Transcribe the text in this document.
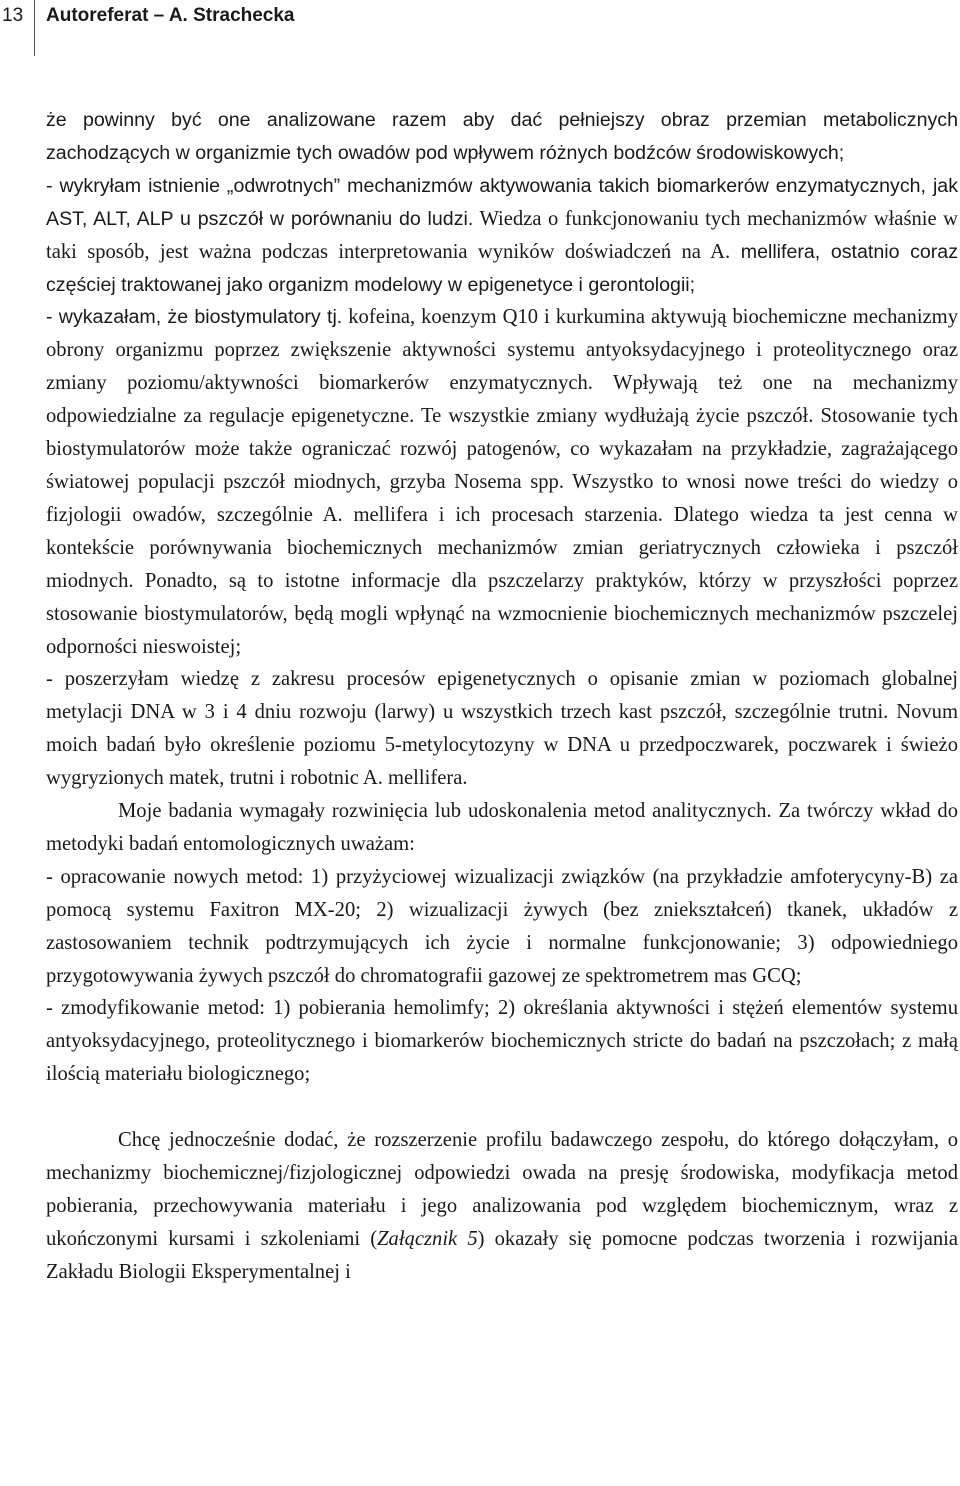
13 Autoreferat – A. Strachecka

że powinny być one analizowane razem aby dać pełniejszy obraz przemian metabolicznych zachodzących w organizmie tych owadów pod wpływem różnych bodźców środowiskowych;

- wykryłam istnienie „odwrotnych” mechanizmów aktywowania takich biomarkerów enzymatycznych, jak AST, ALT, ALP u pszczół w porównaniu do ludzi. Wiedza o funkcjonowaniu tych mechanizmów właśnie w taki sposób, jest ważna podczas interpretowania wyników doświadczeń na A. mellifera, ostatnio coraz częściej traktowanej jako organizm modelowy w epigenetyce i gerontologii;

- wykazałam, że biostymulatory tj. kofeina, koenzym Q10 i kurkumina aktywują biochemiczne mechanizmy obrony organizmu poprzez zwiększenie aktywności systemu antyoksydacyjnego i proteolitycznego oraz zmiany poziomu/aktywności biomarkerów enzymatycznych. Wpływają też one na mechanizmy odpowiedzialne za regulacje epigenetyczne. Te wszystkie zmiany wydłużają życie pszczół. Stosowanie tych biostymulatorów może także ograniczać rozwój patogenów, co wykazałam na przykładzie, zagrażającego światowej populacji pszczół miodnych, grzyba Nosema spp. Wszystko to wnosi nowe treści do wiedzy o fizjologii owadów, szczególnie A. mellifera i ich procesach starzenia. Dlatego wiedza ta jest cenna w kontekście porównywania biochemicznych mechanizmów zmian geriatrycznych człowieka i pszczół miodnych. Ponadto, są to istotne informacje dla pszczelarzy praktyków, którzy w przyszłości poprzez stosowanie biostymulatorów, będą mogli wpłynąć na wzmocnienie biochemicznych mechanizmów pszczelej odporności nieswoistej;

- poszerzyłam wiedzę z zakresu procesów epigenetycznych o opisanie zmian w poziomach globalnej metylacji DNA w 3 i 4 dniu rozwoju (larwy) u wszystkich trzech kast pszczół, szczególnie trutni. Novum moich badań było określenie poziomu 5-metylocytozyny w DNA u przedpoczwarek, poczwarek i świeżo wygryzionych matek, trutni i robotnic A. mellifera.

Moje badania wymagały rozwinięcia lub udoskonalenia metod analitycznych. Za twórczy wkład do metodyki badań entomologicznych uważam:

- opracowanie nowych metod: 1) przyżyciowej wizualizacji związków (na przykładzie amfoterycyny-B) za pomocą systemu Faxitron MX-20; 2) wizualizacji żywych (bez zniekształceń) tkanek, układów z zastosowaniem technik podtrzymujących ich życie i normalne funkcjonowanie; 3) odpowiedniego przygotowywania żywych pszczół do chromatografii gazowej ze spektrometrem mas GCQ;

- zmodyfikowanie metod: 1) pobierania hemolimfy; 2) określania aktywności i stężeń elementów systemu antyoksydacyjnego, proteolitycznego i biomarkerów biochemicznych stricte do badań na pszczołach; z małą ilością materiału biologicznego;

Chcę jednocześnie dodać, że rozszerzenie profilu badawczego zespołu, do którego dołączyłam, o mechanizmy biochemicznej/fizjologicznej odpowiedzi owada na presję środowiska, modyfikacja metod pobierania, przechowywania materiału i jego analizowania pod względem biochemicznym, wraz z ukończonymi kursami i szkoleniami (Załącznik 5) okazały się pomocne podczas tworzenia i rozwijania Zakładu Biologii Eksperymentalnej i
